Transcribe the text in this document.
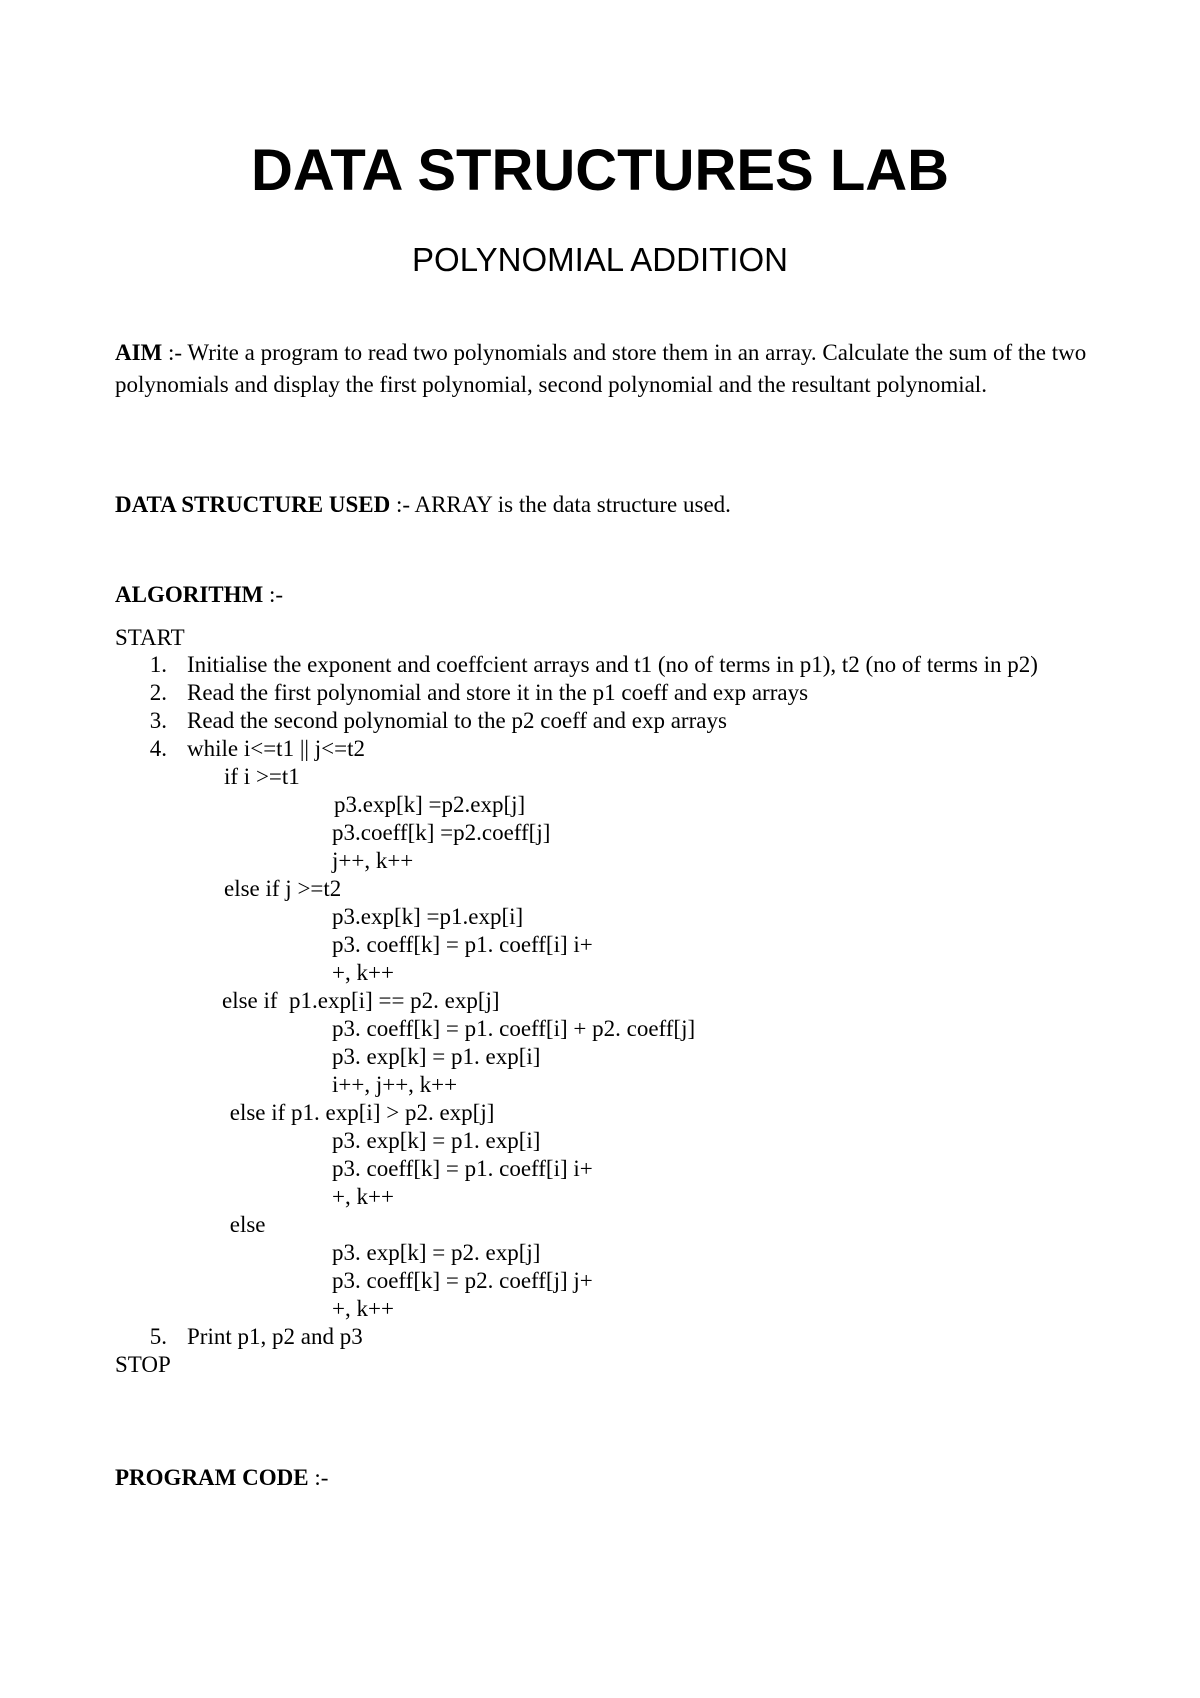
DATA STRUCTURES LAB
POLYNOMIAL ADDITION
AIM :- Write a program to read two polynomials and store them in an array. Calculate the sum of the two polynomials and display the first polynomial, second polynomial and the resultant polynomial.
DATA STRUCTURE USED :- ARRAY is the data structure used.
ALGORITHM :-
START
1. Initialise the exponent and coeffcient arrays and t1 (no of terms in p1), t2 (no of terms in p2)
2. Read the first polynomial and store it in the p1 coeff and exp arrays
3. Read the second polynomial to the p2 coeff and exp arrays
4. while i<=t1 || j<=t2
if i >=t1
p3.exp[k] =p2.exp[j]
p3.coeff[k] =p2.coeff[j]
j++, k++
else if j >=t2
p3.exp[k] =p1.exp[i]
p3. coeff[k] = p1. coeff[i] i+
+, k++
else if  p1.exp[i] == p2. exp[j]
p3. coeff[k] = p1. coeff[i] + p2. coeff[j]
p3. exp[k] = p1. exp[i]
i++, j++, k++
else if p1. exp[i] > p2. exp[j]
p3. exp[k] = p1. exp[i]
p3. coeff[k] = p1. coeff[i] i+
+, k++
else
p3. exp[k] = p2. exp[j]
p3. coeff[k] = p2. coeff[j] j+
+, k++
5. Print p1, p2 and p3
STOP
PROGRAM CODE :-
